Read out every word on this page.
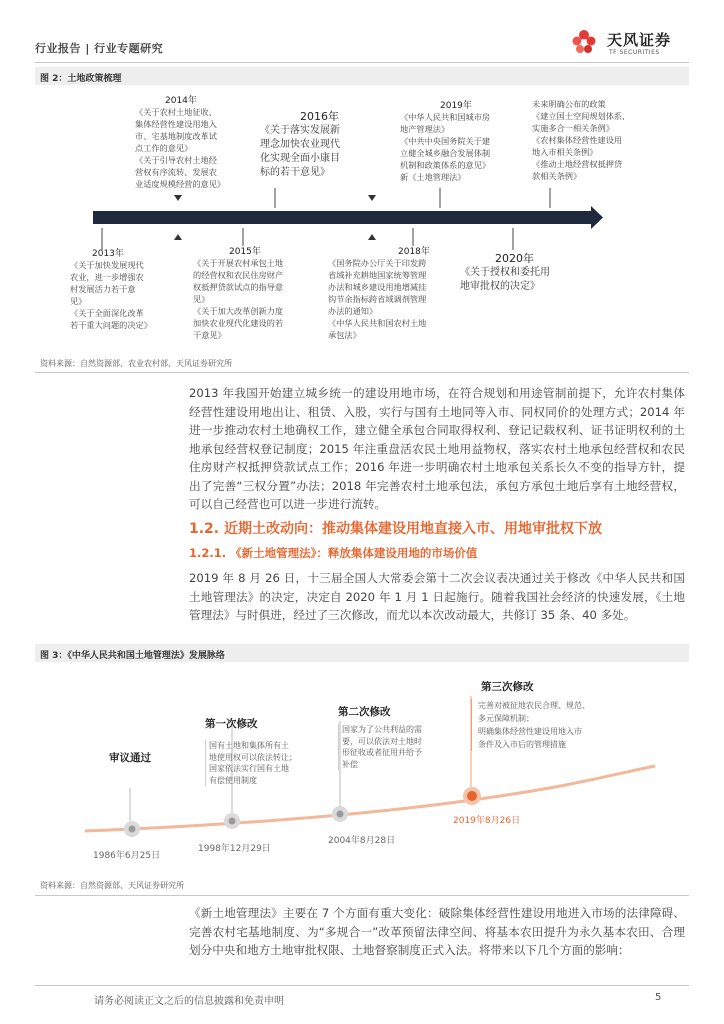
行业报告 | 行业专题研究	天风证券
TF SECURITIES
图 2：土地政策梳理
2014年
《关于农村土地征收、
集体经营性建设用地入
市、宅基地制度改革试
点工作的意见》
《关于引导农村土地经
营权有序流转、发展农
业适度规模经营的意见》
2016年
《关于落实发展新
理念加快农业现代
化实现全面小康目
标的若干意见》
2019年
《中华人民共和国城市房
地产管理法》
《中共中央国务院关于建
立健全城乡融合发展体制
机制和政策体系的意见》
新《土地管理法》
未来明确公布的政策
《建立国土空间规划体系,
实施多合一相关条例》
《农村集体经营性建设用
地入市相关条例》
《推动土地经营权抵押贷
款相关条例》
2013年
《关于加快发展现代
农业，进一步增强农
村发展活力若干意
见》
《关于全面深化改革
若干重大问题的决定》
2015年
《关于开展农村承包土地
的经营权和农民住房财产
权抵押贷款试点的指导意
见》
《关于加大改革创新力度
加快农业现代化建设的若
干意见》
2018年
《国务院办公厅关于印发跨
省域补充耕地国家统筹管理
办法和城乡建设用地增减挂
钩节余指标跨省域调剂管理
办法的通知》
《中华人民共和国农村土地
承包法》
2020年
《关于授权和委托用
地审批权的决定》
资料来源：自然资源部、农业农村部、天风证券研究所
2013 年我国开始建立城乡统一的建设用地市场，在符合规划和用途管制前提下，允许农村集体经营性建设用地出让、租赁、入股，实行与国有土地同等入市、同权同价的处理方式；2014 年进一步推动农村土地确权工作，建立健全承包合同取得权利、登记记载权利、证书证明权利的土地承包经营权登记制度；2015 年注重盘活农民土地用益物权，落实农村土地承包经营权和农民住房财产权抵押贷款试点工作；2016 年进一步明确农村土地承包关系长久不变的指导方针，提出了完善“三权分置”办法；2018 年完善农村土地承包法，承包方承包土地后享有土地经营权，可以自己经营也可以进一步进行流转。
1.2. 近期土改动向：推动集体建设用地直接入市、用地审批权下放
1.2.1. 《新土地管理法》：释放集体建设用地的市场价值
2019 年 8 月 26 日，十三届全国人大常委会第十二次会议表决通过关于修改《中华人民共和国土地管理法》的决定，决定自 2020 年 1 月 1 日起施行。随着我国社会经济的快速发展，《土地管理法》与时俱进，经过了三次修改，而尤以本次改动最大，共修订 35 条、40 多处。
图 3：《中华人民共和国土地管理法》发展脉络
审议通过
1986年6月25日
第一次修改
国有土地和集体所有土
地使用权可以依法转让；
国家依法实行国有土地
有偿使用制度
1998年12月29日
第二次修改
国家为了公共利益的需
要，可以依法对土地时
形征收或者征用并给予
补偿
2004年8月28日
第三次修改
完善对被征地农民合理、规范、
多元保障机制；
明确集体经营性建设用地入市
条件及入市后的管理措施
2019年8月26日
资料来源：自然资源部、天风证券研究所
《新土地管理法》主要在 7 个方面有重大变化：破除集体经营性建设用地进入市场的法律障碍、完善农村宅基地制度、为“多规合一”改革预留法律空间、将基本农田提升为永久基本农田、合理划分中央和地方土地审批权限、土地督察制度正式入法。将带来以下几个方面的影响：
请务必阅读正文之后的信息披露和免责申明	5
